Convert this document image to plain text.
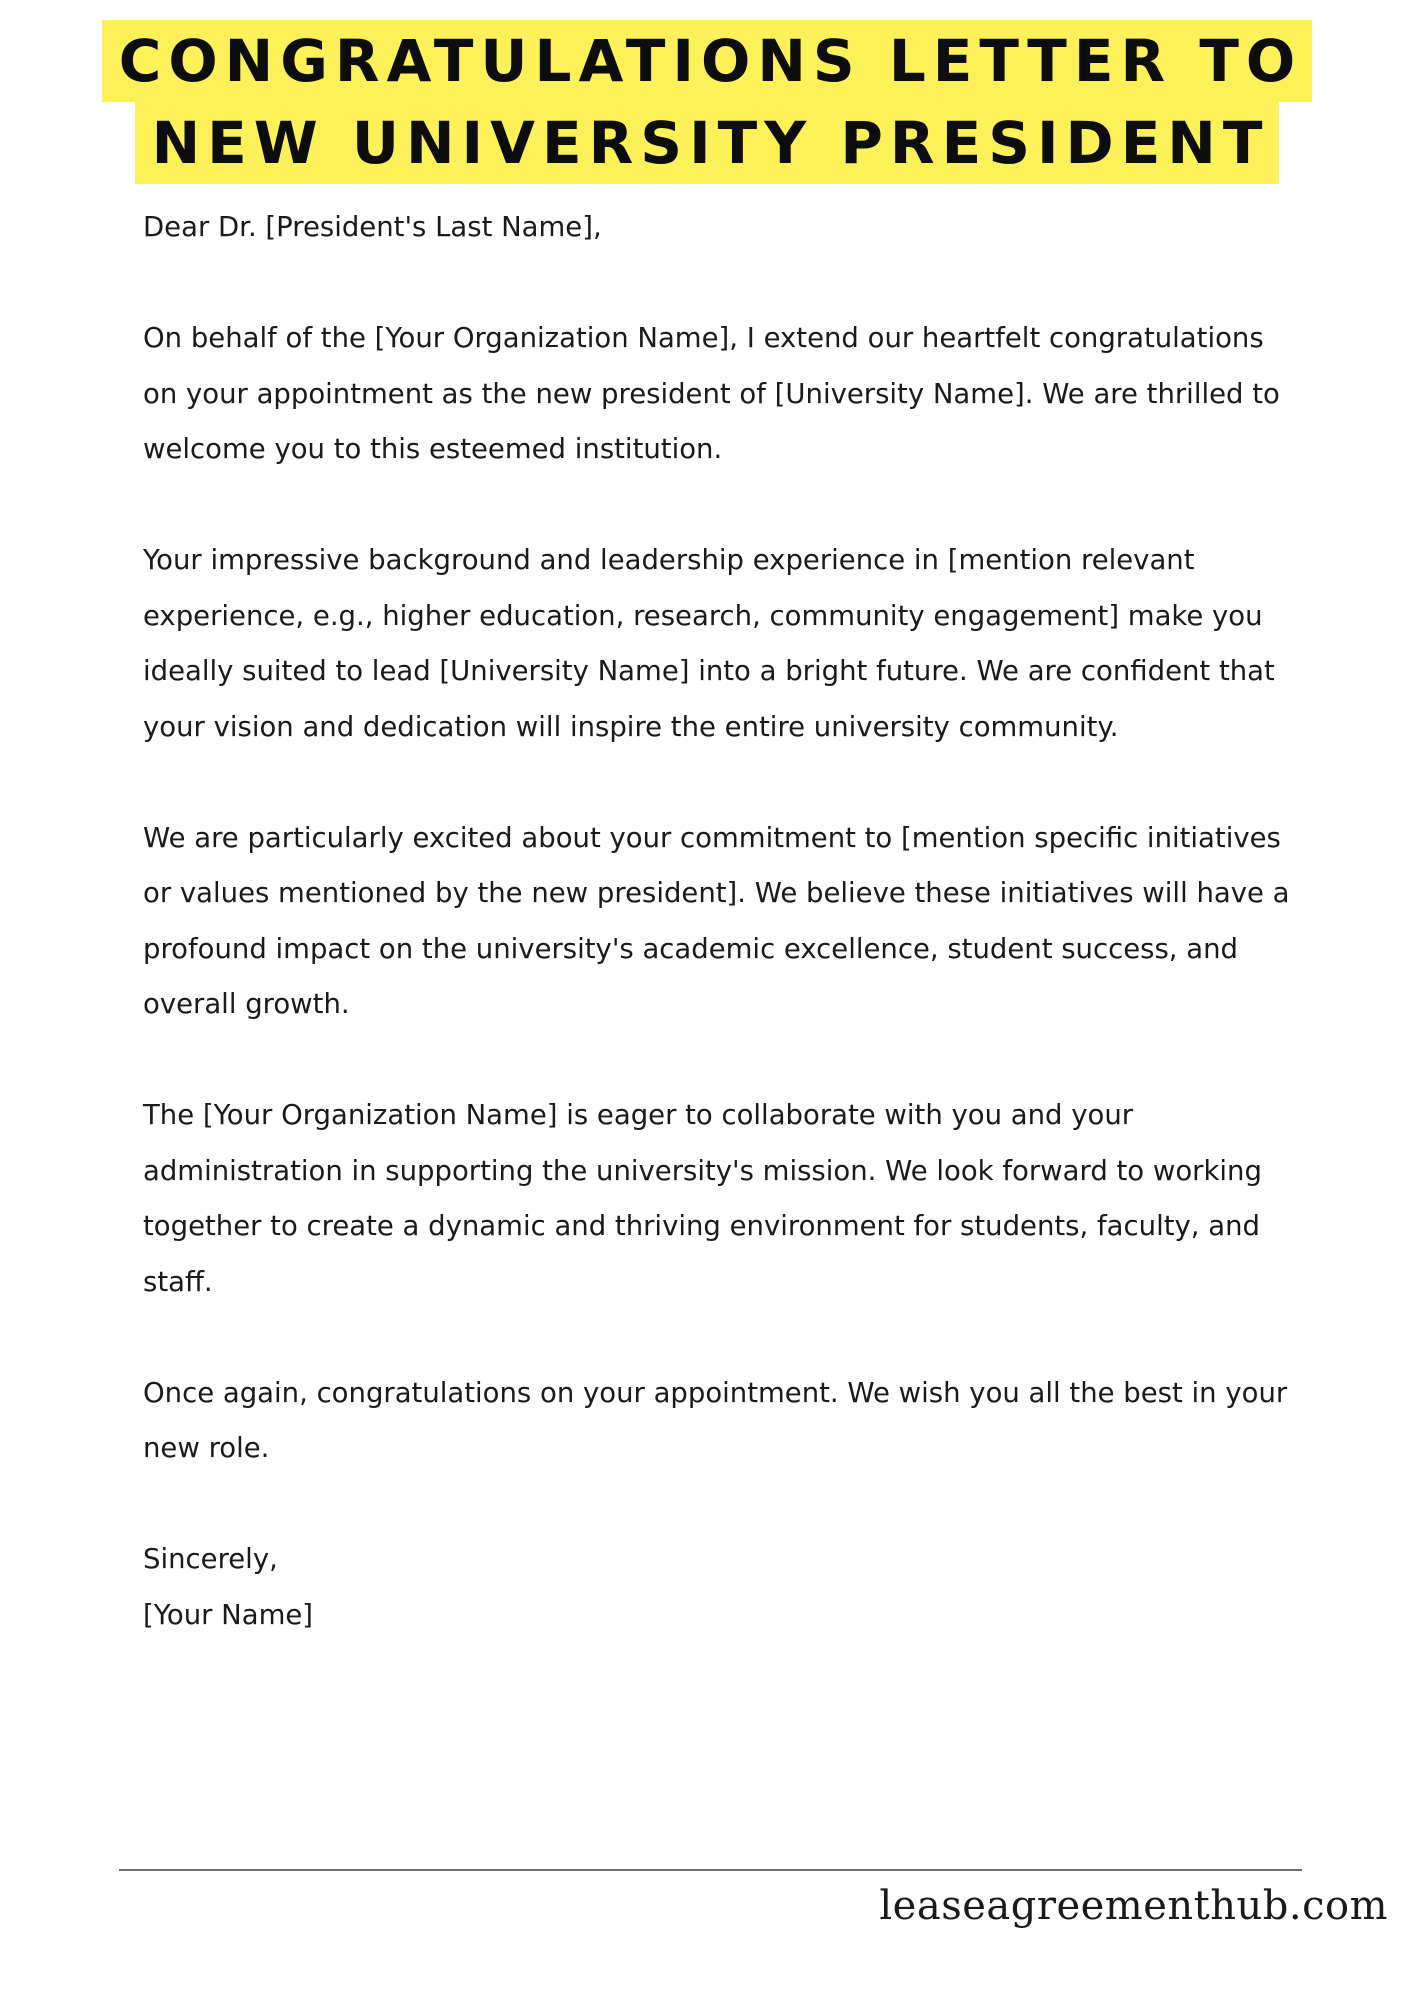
CONGRATULATIONS LETTER TO
NEW UNIVERSITY PRESIDENT

Dear Dr. [President's Last Name],

On behalf of the [Your Organization Name], I extend our heartfelt congratulations on your appointment as the new president of [University Name]. We are thrilled to welcome you to this esteemed institution.

Your impressive background and leadership experience in [mention relevant experience, e.g., higher education, research, community engagement] make you ideally suited to lead [University Name] into a bright future. We are confident that your vision and dedication will inspire the entire university community.

We are particularly excited about your commitment to [mention specific initiatives or values mentioned by the new president]. We believe these initiatives will have a profound impact on the university's academic excellence, student success, and overall growth.

The [Your Organization Name] is eager to collaborate with you and your administration in supporting the university's mission. We look forward to working together to create a dynamic and thriving environment for students, faculty, and staff.

Once again, congratulations on your appointment. We wish you all the best in your new role.

Sincerely,

[Your Name]

leaseagreementhub.com
